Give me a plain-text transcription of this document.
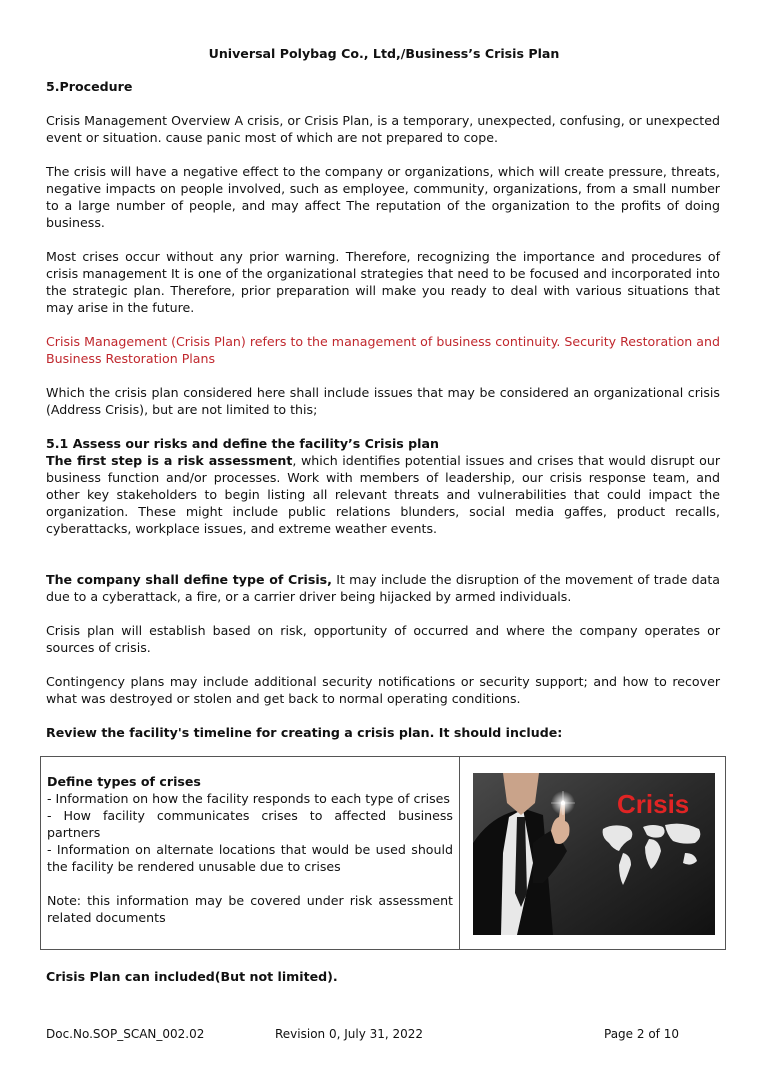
Universal Polybag Co., Ltd,/Business’s Crisis Plan
5.Procedure

Crisis Management Overview A crisis, or Crisis Plan, is a temporary, unexpected, confusing, or unexpected event or situation. cause panic most of which are not prepared to cope.

The crisis will have a negative effect to the company or organizations, which will create pressure, threats, negative impacts on people involved, such as employee, community, organizations, from a small number to a large number of people, and may affect The reputation of the organization to the profits of doing business.

Most crises occur without any prior warning. Therefore, recognizing the importance and procedures of crisis management It is one of the organizational strategies that need to be focused and incorporated into the strategic plan. Therefore, prior preparation will make you ready to deal with various situations that may arise in the future.

Crisis Management (Crisis Plan) refers to the management of business continuity. Security Restoration and Business Restoration Plans

Which the crisis plan considered here shall include issues that may be considered an organizational crisis (Address Crisis), but are not limited to this;

5.1 Assess our risks and define the facility’s Crisis plan

The first step is a risk assessment, which identifies potential issues and crises that would disrupt our business function and/or processes. Work with members of leadership, our crisis response team, and other key stakeholders to begin listing all relevant threats and vulnerabilities that could impact the organization. These might include public relations blunders, social media gaffes, product recalls, cyberattacks, workplace issues, and extreme weather events.

The company shall define type of Crisis, It may include the disruption of the movement of trade data due to a cyberattack, a fire, or a carrier driver being hijacked by armed individuals.

Crisis plan will establish based on risk, opportunity of occurred and where the company operates or sources of crisis.

Contingency plans may include additional security notifications or security support; and how to recover what was destroyed or stolen and get back to normal operating conditions.

Review the facility's timeline for creating a crisis plan. It should include:

Define types of crises

- Information on how the facility responds to each type of crises

- How facility communicates crises to affected business partners

- Information on alternate locations that would be used should the facility be rendered unusable due to crises

Note: this information may be covered under risk assessment related documents

Crisis
Crisis Plan can included(But not limited).
Doc.No.SOP_SCAN_002.02	Revision 0, July 31, 2022	Page 2 of 10
